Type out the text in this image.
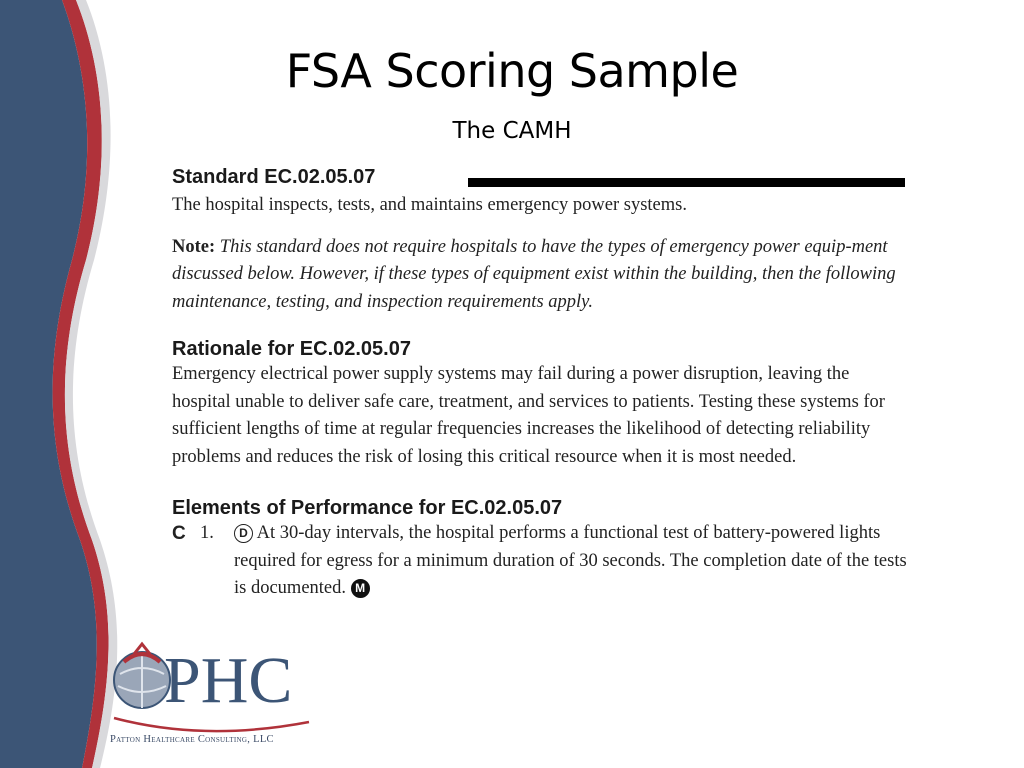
FSA Scoring Sample
The CAMH
Standard EC.02.05.07
The hospital inspects, tests, and maintains emergency power systems.
Note: This standard does not require hospitals to have the types of emergency power equip-ment discussed below. However, if these types of equipment exist within the building, then the following maintenance, testing, and inspection requirements apply.
Rationale for EC.02.05.07
Emergency electrical power supply systems may fail during a power disruption, leaving the hospital unable to deliver safe care, treatment, and services to patients. Testing these systems for sufficient lengths of time at regular frequencies increases the likelihood of detecting reliability problems and reduces the risk of losing this critical resource when it is most needed.
Elements of Performance for EC.02.05.07
C 1.	D At 30-day intervals, the hospital performs a functional test of battery-powered lights required for egress for a minimum duration of 30 seconds. The completion date of the tests is documented. M
PHC
Patton Healthcare Consulting, LLC
